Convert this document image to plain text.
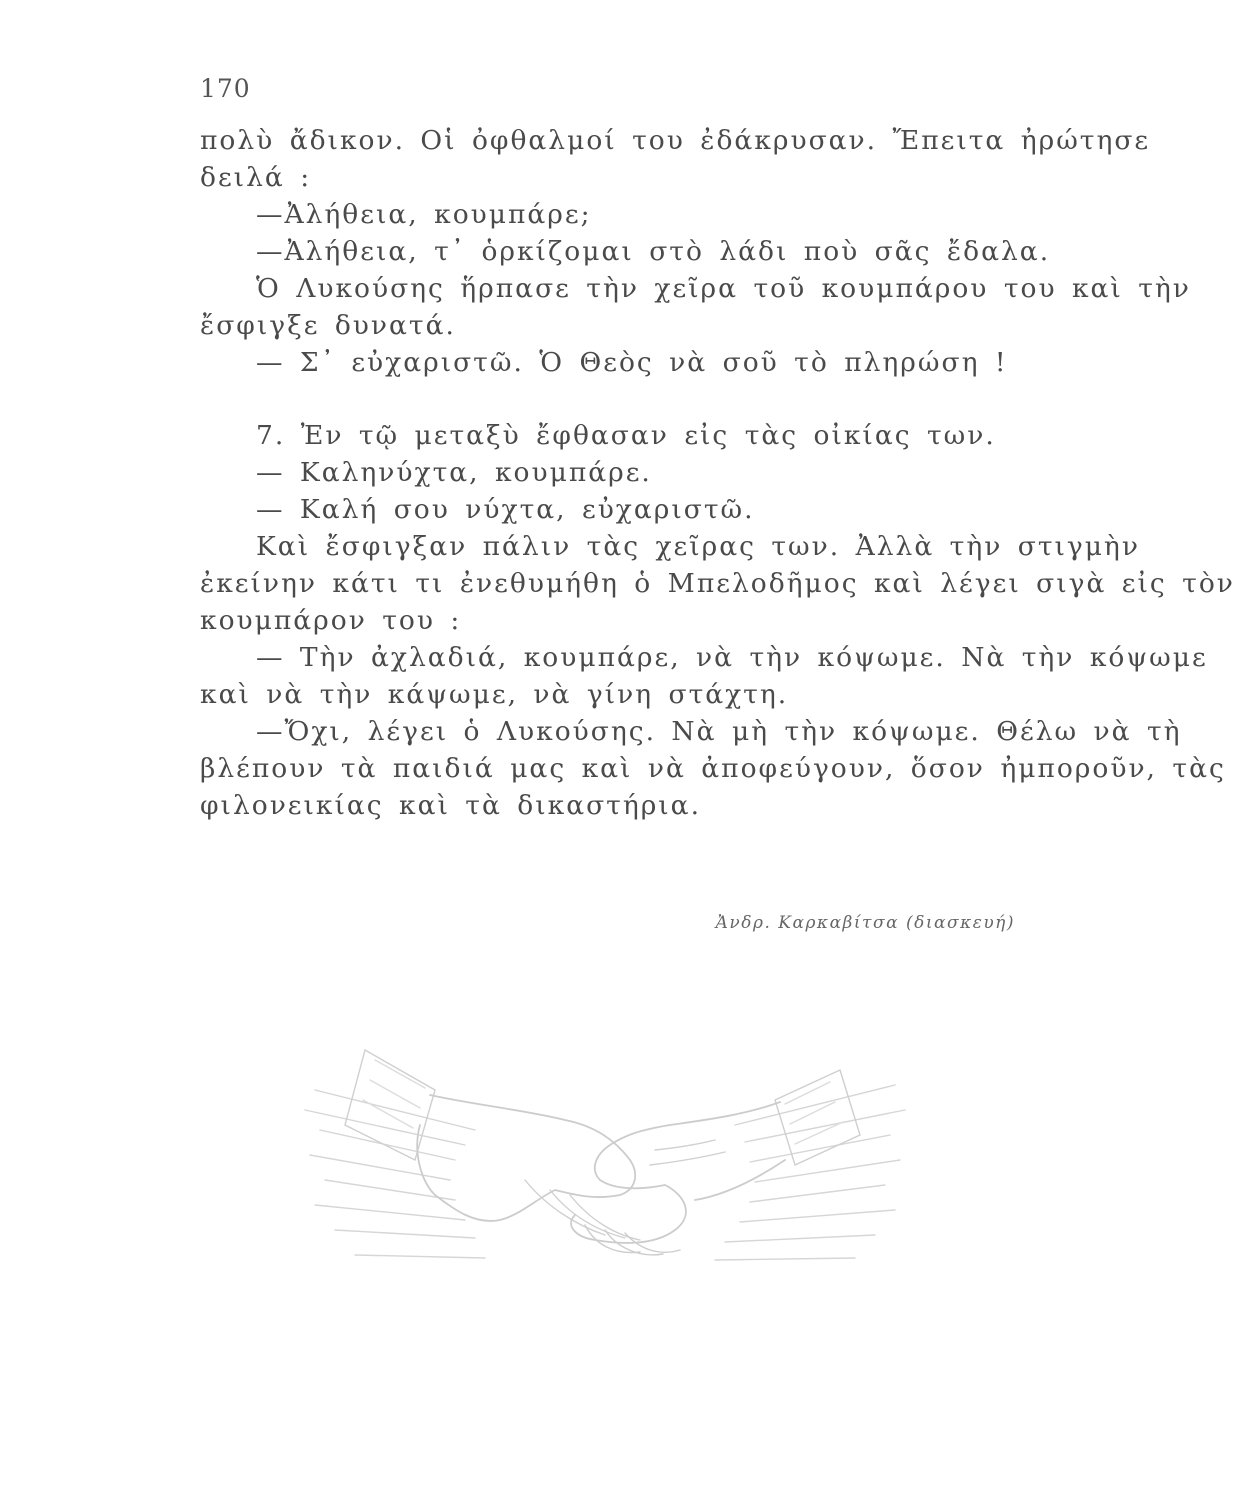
170
πολὺ ἄδικον. Οἱ ὀφθαλμοί του ἐδάκρυσαν. Ἔπειτα ἠρώτησε
δειλά :
—Ἀλήθεια, κουμπάρε;
—Ἀλήθεια, τ᾽ ὁρκίζομαι στὸ λάδι ποὺ σᾶς ἔδαλα.
Ὁ Λυκούσης ἥρπασε τὴν χεῖρα τοῦ κουμπάρου του καὶ τὴν
ἔσφιγξε δυνατά.
— Σ᾽ εὐχαριστῶ. Ὁ Θεὸς νὰ σοῦ τὸ πληρώση !
7. Ἐν τῷ μεταξὺ ἔφθασαν εἰς τὰς οἰκίας των.
— Καληνύχτα, κουμπάρε.
— Καλή σου νύχτα, εὐχαριστῶ.
Καὶ ἔσφιγξαν πάλιν τὰς χεῖρας των. Ἀλλὰ τὴν στιγμὴν
ἐκείνην κάτι τι ἐνεθυμήθη ὁ Μπελοδῆμος καὶ λέγει σιγὰ εἰς τὸν
κουμπάρον του :
— Τὴν ἀχλαδιά, κουμπάρε, νὰ τὴν κόψωμε. Νὰ τὴν κόψωμε
καὶ νὰ τὴν κάψωμε, νὰ γίνη στάχτη.
—Ὄχι, λέγει ὁ Λυκούσης. Νὰ μὴ τὴν κόψωμε. Θέλω νὰ τὴ
βλέπουν τὰ παιδιά μας καὶ νὰ ἀποφεύγουν, ὅσον ἠμποροῦν, τὰς
φιλονεικίας καὶ τὰ δικαστήρια.
Ἀνδρ. Καρκαβίτσα (διασκευή)
